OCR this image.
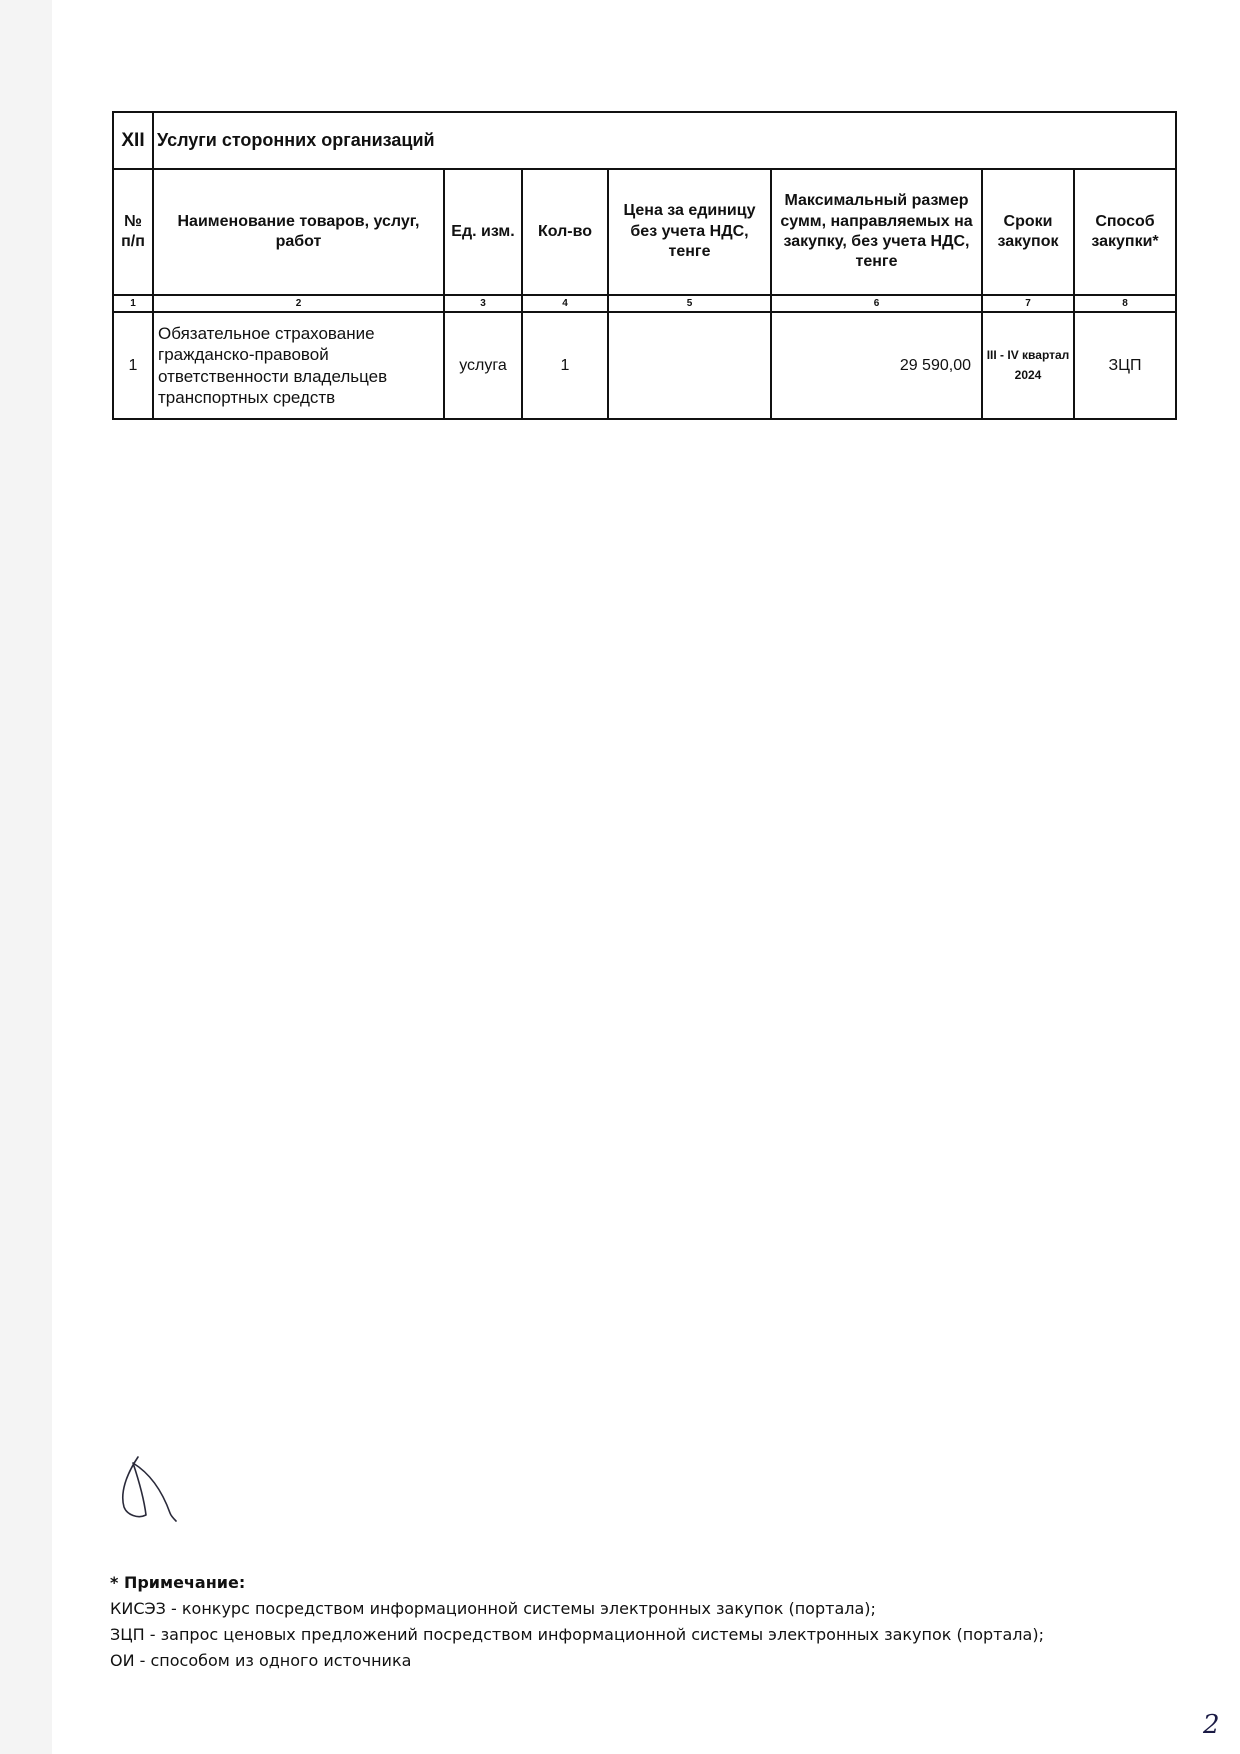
XII	Услуги сторонних организаций						
№ п/п	Наименование товаров, услуг, работ	Ед. изм.	Кол-во	Цена за единицу без учета НДС, тенге	Максимальный размер сумм, направляемых на закупку, без учета НДС, тенге	Сроки закупок	Способ закупки*
1	2	3	4	5	6	7	8
1	Обязательное страхование гражданско-правовой ответственности владельцев транспортных средств	услуга	1		29 590,00	III - IV квартал 2024	ЗЦП
* Примечание:
КИСЭЗ - конкурс посредством информационной системы электронных закупок (портала);
ЗЦП - запрос ценовых предложений посредством информационной системы электронных закупок (портала);
ОИ - способом из одного источника
2
